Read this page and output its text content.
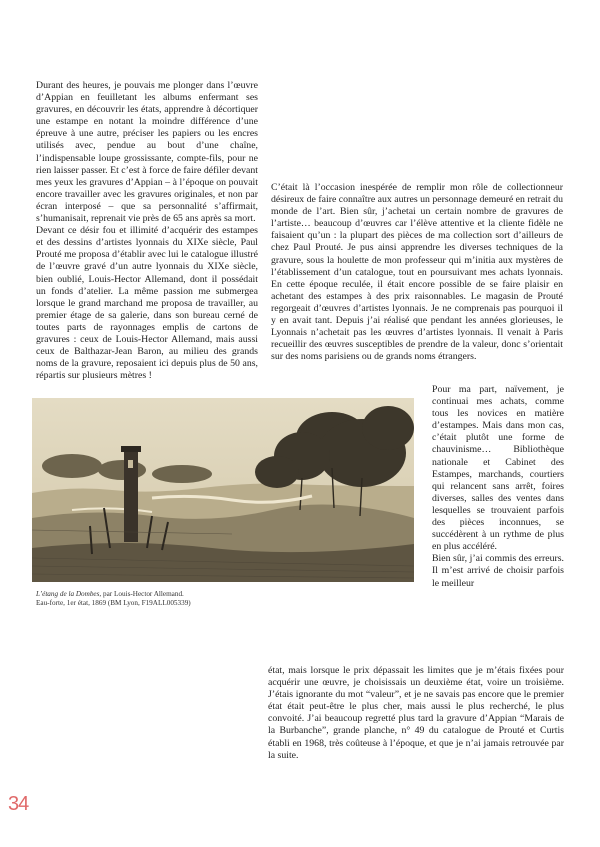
Durant des heures, je pouvais me plonger dans l’œuvre d’Appian en feuilletant les albums enfermant ses gravures, en découvrir les états, apprendre à décortiquer une estampe en notant la moindre différence d’une épreuve à une autre, préciser les papiers ou les encres utilisés avec, pendue au bout d’une chaîne, l’indispensable loupe grossissante, compte-fils, pour ne rien laisser passer. Et c’est à force de faire défiler devant mes yeux les gravures d’Appian – à l’époque on pouvait encore travailler avec les gravures originales, et non par écran interposé – que sa personnalité s’affirmait, s’humanisait, reprenait vie près de 65 ans après sa mort.

Devant ce désir fou et illimité d’acquérir des estampes et des dessins d’artistes lyonnais du XIXe siècle, Paul Prouté me proposa d’établir avec lui le catalogue illustré de l’œuvre gravé d’un autre lyonnais du XIXe siècle, bien oublié, Louis-Hector Allemand, dont il possédait un fonds d’atelier. La même passion me submergea lorsque le grand marchand me proposa de travailler, au premier étage de sa galerie, dans son bureau cerné de toutes parts de rayonnages emplis de cartons de gravures : ceux de Louis-Hector Allemand, mais aussi ceux de Balthazar-Jean Baron, au milieu des grands noms de la gravure, reposaient ici depuis plus de 50 ans, répartis sur plusieurs mètres !

C’était là l’occasion inespérée de remplir mon rôle de collectionneur désireux de faire connaître aux autres un personnage demeuré en retrait du monde de l’art. Bien sûr, j’achetai un certain nombre de gravures de l’artiste… beaucoup d’œuvres car l’élève attentive et la cliente fidèle ne faisaient qu’un : la plupart des pièces de ma collection sort d’ailleurs de chez Paul Prouté. Je pus ainsi apprendre les diverses techniques de la gravure, sous la houlette de mon professeur qui m’initia aux mystères de l’établissement d’un catalogue, tout en poursuivant mes achats lyonnais. En cette époque reculée, il était encore possible de se faire plaisir en achetant des estampes à des prix raisonnables. Le magasin de Prouté regorgeait d’œuvres d’artistes lyonnais. Je ne comprenais pas pourquoi il y en avait tant. Depuis j’ai réalisé que pendant les années glorieuses, le Lyonnais n’achetait pas les œuvres d’artistes lyonnais. Il venait à Paris recueillir des œuvres susceptibles de prendre de la valeur, donc s’orientait sur des noms parisiens ou de grands noms étrangers.

Pour ma part, naïvement, je continuai mes achats, comme tous les novices en matière d’estampes. Mais dans mon cas, c’était plutôt une forme de chauvinisme… Bibliothèque nationale et Cabinet des Estampes, marchands, courtiers qui relancent sans arrêt, foires diverses, salles des ventes dans lesquelles se trouvaient parfois des pièces inconnues, se succédèrent à un rythme de plus en plus accéléré.

Bien sûr, j’ai commis des erreurs. Il m’est arrivé de choisir parfois le meilleur

état, mais lorsque le prix dépassait les limites que je m’étais fixées pour acquérir une œuvre, je choisissais un deuxième état, voire un troisième. J’étais ignorante du mot “valeur”, et je ne savais pas encore que le premier état était peut-être le plus cher, mais aussi le plus recherché, le plus convoité. J’ai beaucoup regretté plus tard la gravure d’Appian “Marais de la Burbanche”, grande planche, n° 49 du catalogue de Prouté et Curtis établi en 1968, très coûteuse à l’époque, et que je n’ai jamais retrouvée par la suite.

L’étang de la Dombes, par Louis-Hector Allemand.
Eau-forte, 1er état, 1869 (BM Lyon, F19ALL005339)
34
